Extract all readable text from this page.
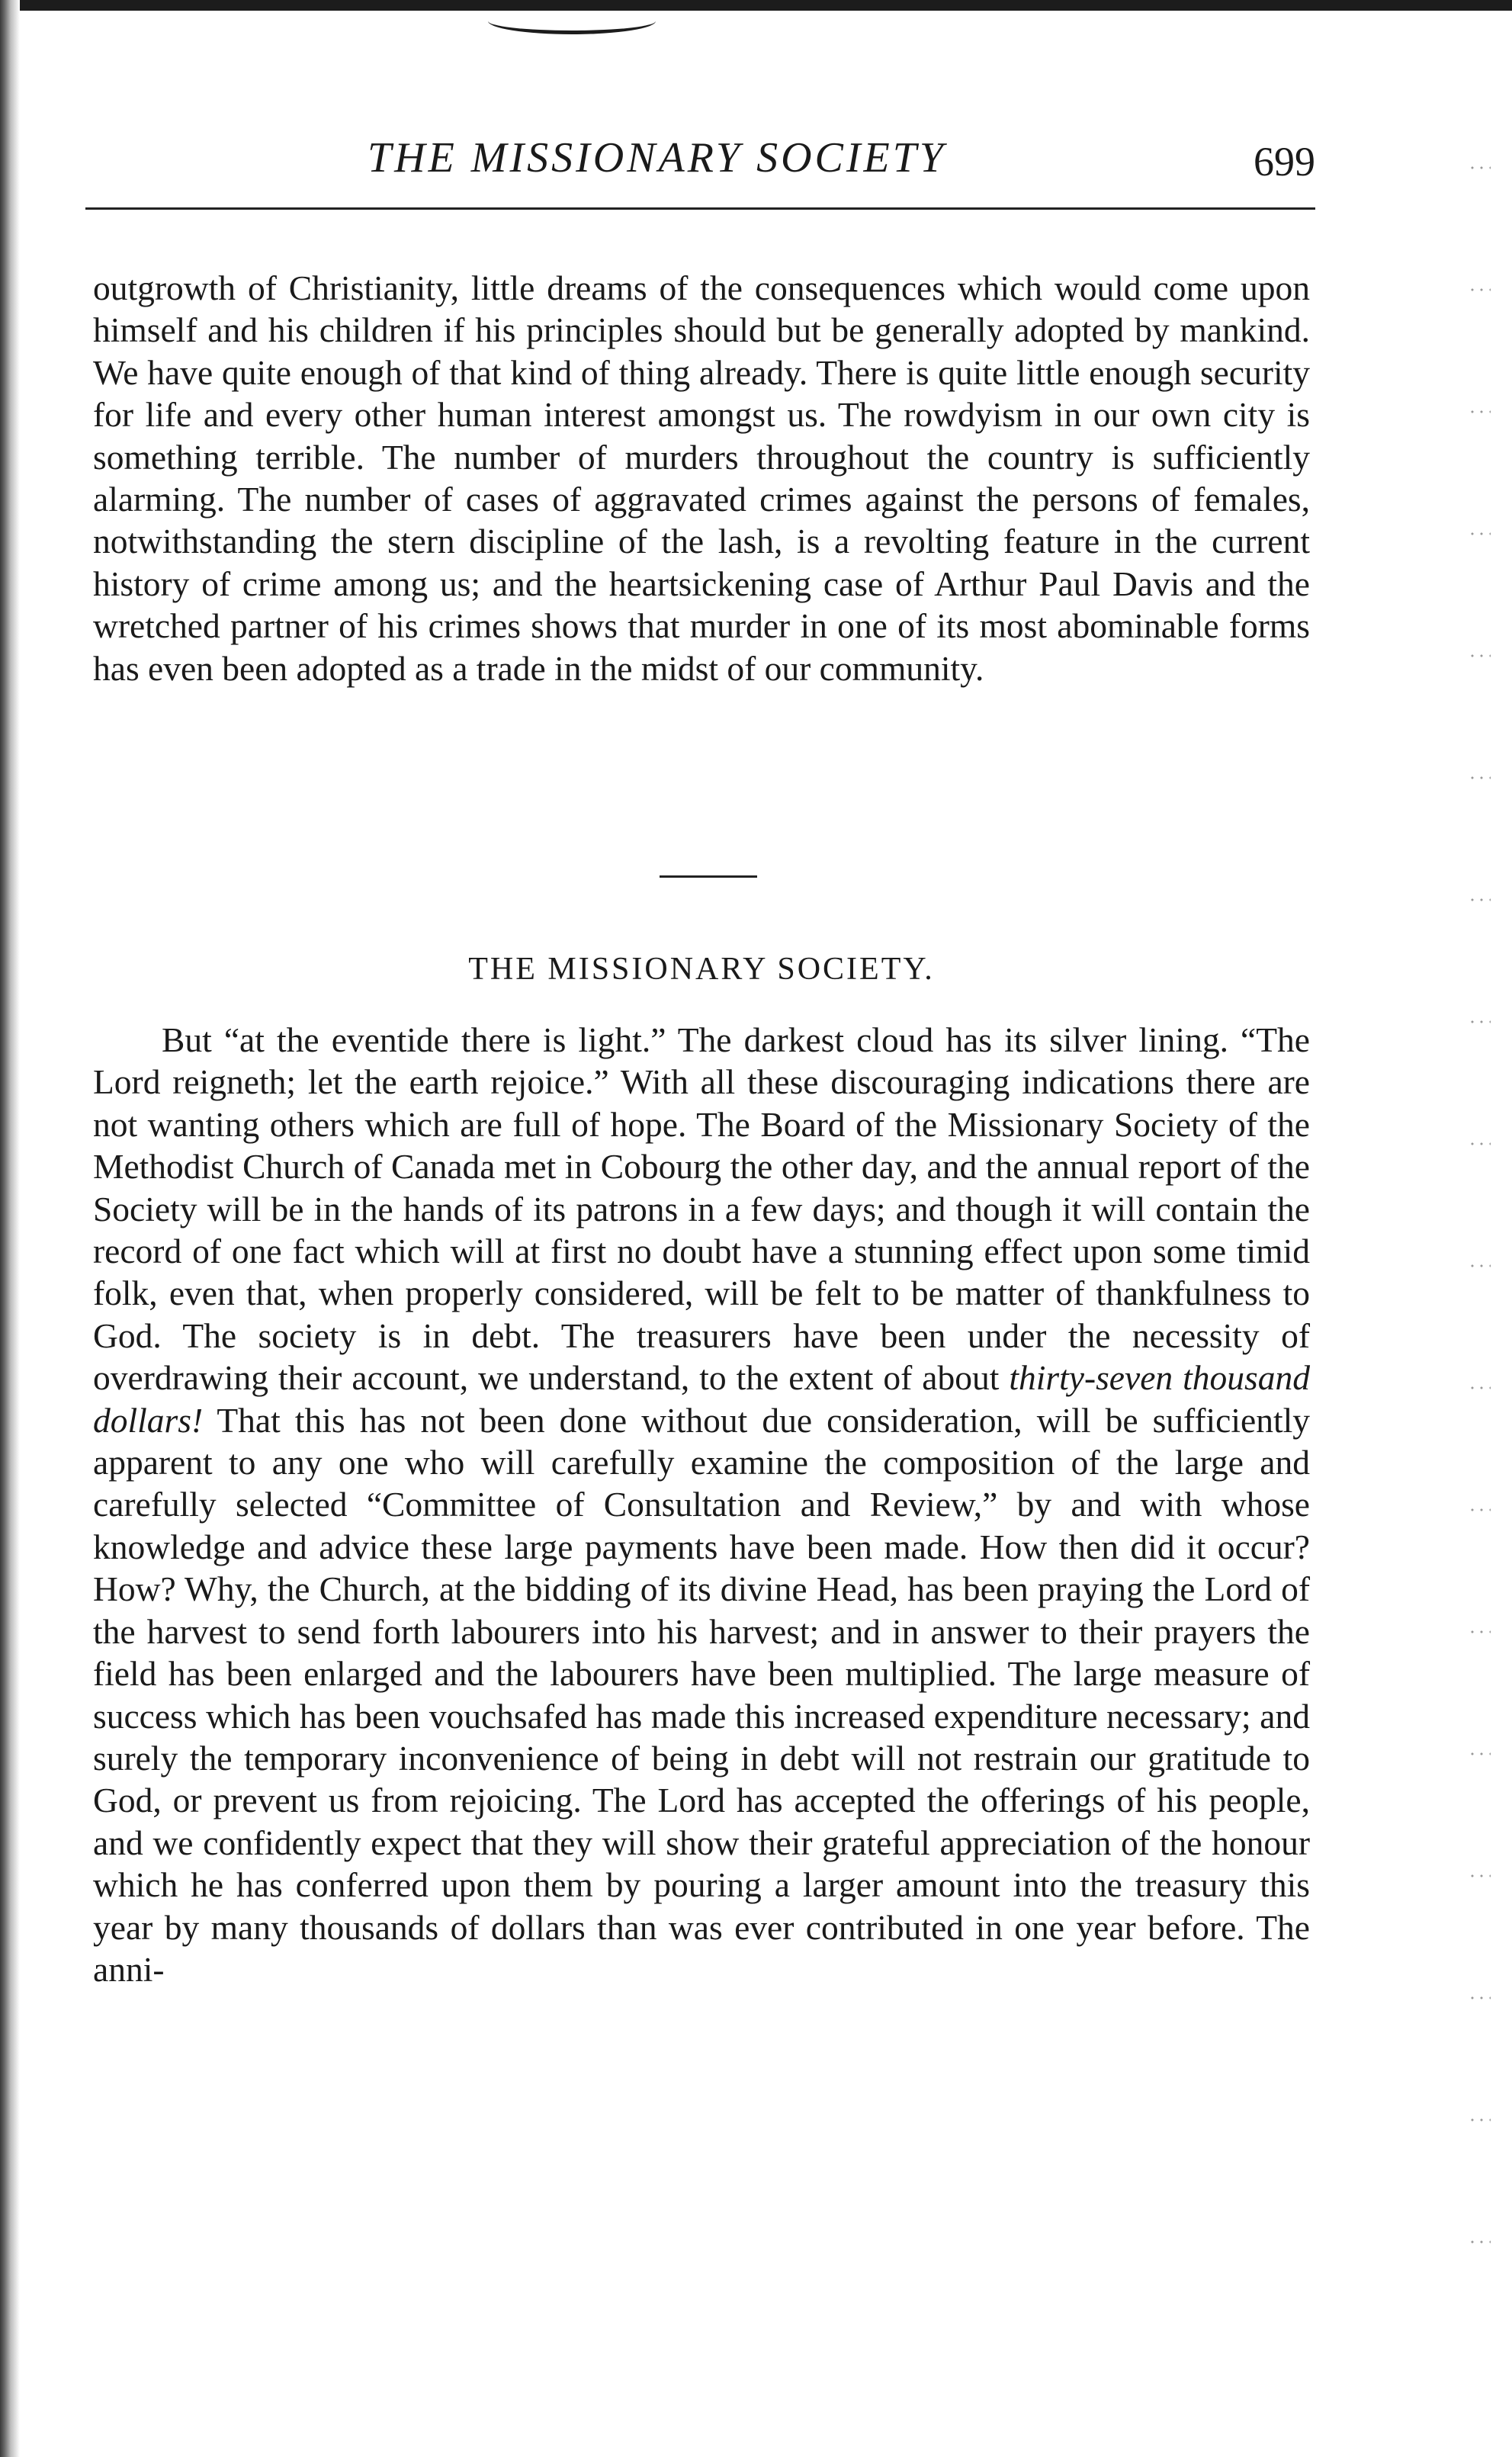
THE MISSIONARY SOCIETY	699

outgrowth of Christianity, little dreams of the consequences which would come upon himself and his children if his principles should but be generally adopted by mankind. We have quite enough of that kind of thing already. There is quite little enough security for life and every other human interest amongst us. The rowdyism in our own city is something terrible. The number of murders throughout the country is sufficiently alarming. The number of cases of aggravated crimes against the persons of females, notwithstanding the stern discipline of the lash, is a revolting feature in the current history of crime among us; and the heartsickening case of Arthur Paul Davis and the wretched partner of his crimes shows that murder in one of its most abominable forms has even been adopted as a trade in the midst of our community.

THE MISSIONARY SOCIETY.

But “at the eventide there is light.” The darkest cloud has its silver lining. “The Lord reigneth; let the earth rejoice.” With all these discouraging indications there are not wanting others which are full of hope. The Board of the Missionary Society of the Methodist Church of Canada met in Cobourg the other day, and the annual report of the Society will be in the hands of its patrons in a few days; and though it will contain the record of one fact which will at first no doubt have a stunning effect upon some timid folk, even that, when properly considered, will be felt to be matter of thankfulness to God. The society is in debt. The treasurers have been under the necessity of overdrawing their account, we understand, to the extent of about thirty-seven thousand dollars! That this has not been done without due consideration, will be sufficiently apparent to any one who will carefully examine the composition of the large and carefully selected “Committee of Consultation and Review,” by and with whose knowledge and advice these large payments have been made. How then did it occur? How? Why, the Church, at the bidding of its divine Head, has been praying the Lord of the harvest to send forth labourers into his harvest; and in answer to their prayers the field has been enlarged and the labourers have been multiplied. The large measure of success which has been vouchsafed has made this increased expenditure necessary; and surely the temporary inconvenience of being in debt will not restrain our gratitude to God, or prevent us from rejoicing. The Lord has accepted the offerings of his people, and we confidently expect that they will show their grateful appreciation of the honour which he has conferred upon them by pouring a larger amount into the treasury this year by many thousands of dollars than was ever contributed in one year before. The anni-
